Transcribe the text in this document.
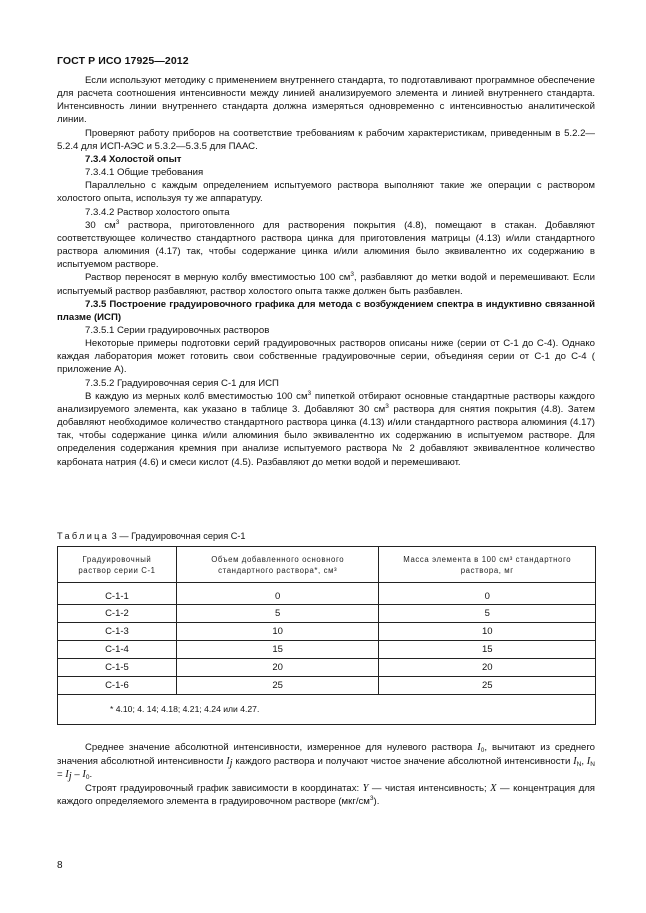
ГОСТ Р ИСО 17925—2012

Если используют методику с применением внутреннего стандарта, то подготавливают программное обеспечение для расчета соотношения интенсивности между линией анализируемого элемента и линией внутреннего стандарта. Интенсивность линии внутреннего стандарта должна измеряться одновременно с интенсивностью аналитической линии.

Проверяют работу приборов на соответствие требованиям к рабочим характеристикам, приведенным в 5.2.2—5.2.4 для ИСП-АЭС и 5.3.2—5.3.5 для ПААС.

7.3.4 Холостой опыт

7.3.4.1 Общие требования

Параллельно с каждым определением испытуемого раствора выполняют такие же операции с раствором холостого опыта, используя ту же аппаратуру.

7.3.4.2 Раствор холостого опыта

30 $см^3$ раствора, приготовленного для растворения покрытия (4.8), помещают в стакан. Добавляют соответствующее количество стандартного раствора цинка для приготовления матрицы (4.13) и/или стандартного раствора алюминия (4.17) так, чтобы содержание цинка и/или алюминия было эквивалентно их содержанию в испытуемом растворе.

Раствор переносят в мерную колбу вместимостью 100 $см^3$, разбавляют до метки водой и перемешивают. Если испытуемый раствор разбавляют, раствор холостого опыта также должен быть разбавлен.

7.3.5 Построение градуировочного графика для метода с возбуждением спектра в индуктивно связанной плазме (ИСП)

7.3.5.1 Серии градуировочных растворов

Некоторые примеры подготовки серий градуировочных растворов описаны ниже (серии от С-1 до С-4). Однако каждая лаборатория может готовить свои собственные градуировочные серии, объединяя серии от С-1 до С-4 ( приложение А).

7.3.5.2 Градуировочная серия С-1 для ИСП

В каждую из мерных колб вместимостью 100 $см^3$ пипеткой отбирают основные стандартные растворы каждого анализируемого элемента, как указано в таблице 3. Добавляют 30 $см^3$ раствора для снятия покрытия (4.8). Затем добавляют необходимое количество стандартного раствора цинка (4.13) и/или стандартного раствора алюминия (4.17) так, чтобы содержание цинка и/или алюминия было эквивалентно их содержанию в испытуемом растворе. Для определения содержания кремния при анализе испытуемого раствора № 2 добавляют эквивалентное количество карбоната натрия (4.6) и смеси кислот (4.5). Разбавляют до метки водой и перемешивают.

Таблица 3 — Градуировочная серия С-1
Градуировочный раствор серии С-1	Объем добавленного основного стандартного раствора*, см³	Масса элемента в 100 см³ стандартного раствора, мг

С-1-1	0	0
С-1-2	5	5
С-1-3	10	10
С-1-4	15	15
С-1-5	20	20
С-1-6	25	25
* 4.10; 4. 14; 4.18; 4.21; 4.24 или 4.27.		

Среднее значение абсолютной интенсивности, измеренное для нулевого раствора $I_0$, вычитают из среднего значения абсолютной интенсивности $I_j$ каждого раствора и получают чистое значение абсолютной интенсивности $I_N$, $I_N = I_j - I_0$.

Строят градуировочный график зависимости в координатах: Y — чистая интенсивность; X — концентрация для каждого определяемого элемента в градуировочном растворе $(мкг/см^3)$.

8
